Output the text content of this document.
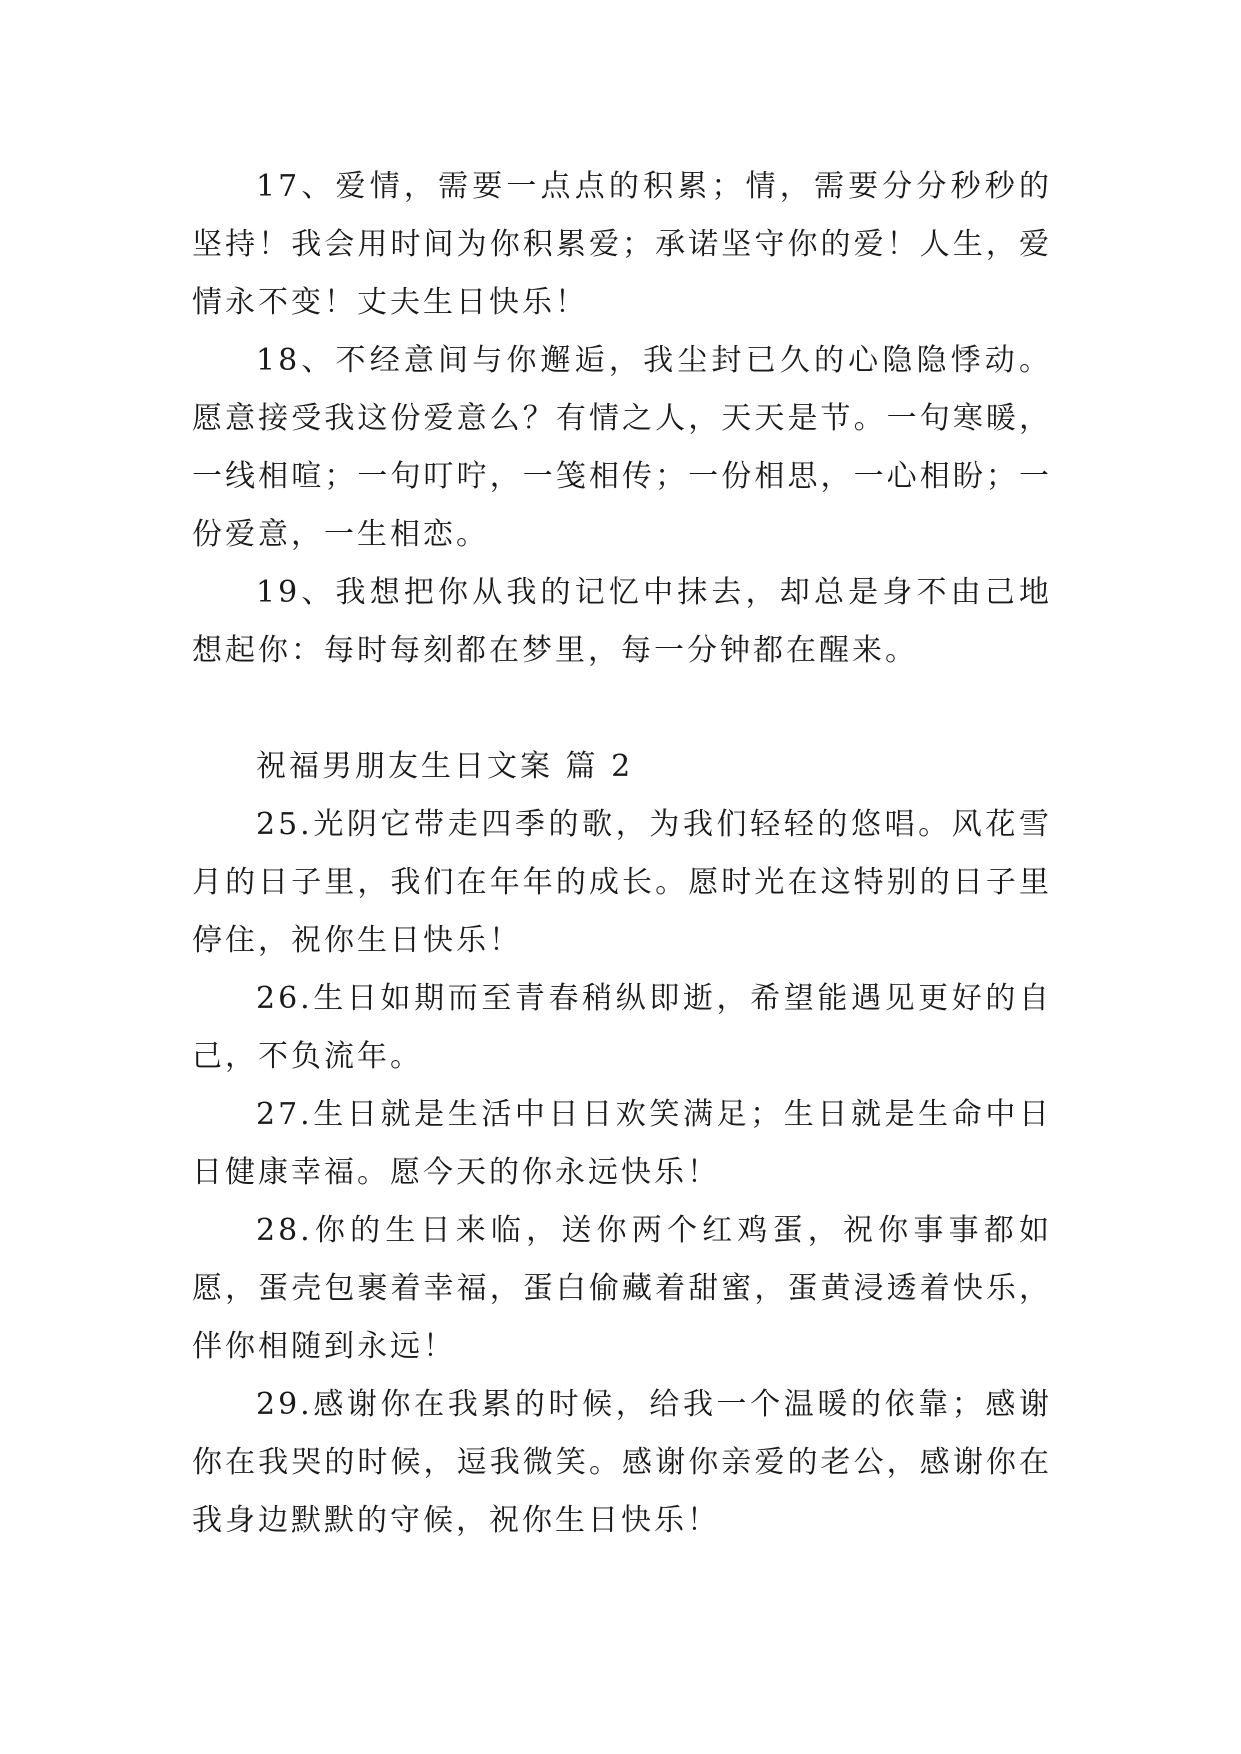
17、爱情，需要一点点的积累；情，需要分分秒秒的坚持！我会用时间为你积累爱；承诺坚守你的爱！人生，爱情永不变！丈夫生日快乐！

18、不经意间与你邂逅，我尘封已久的心隐隐悸动。愿意接受我这份爱意么？有情之人，天天是节。一句寒暖，一线相喧；一句叮咛，一笺相传；一份相思，一心相盼；一份爱意，一生相恋。

19、我想把你从我的记忆中抹去，却总是身不由己地想起你：每时每刻都在梦里，每一分钟都在醒来。

祝福男朋友生日文案 篇 2

25.光阴它带走四季的歌，为我们轻轻的悠唱。风花雪月的日子里，我们在年年的成长。愿时光在这特别的日子里停住，祝你生日快乐！

26.生日如期而至青春稍纵即逝，希望能遇见更好的自己，不负流年。

27.生日就是生活中日日欢笑满足；生日就是生命中日日健康幸福。愿今天的你永远快乐！

28.你的生日来临，送你两个红鸡蛋，祝你事事都如愿，蛋壳包裹着幸福，蛋白偷藏着甜蜜，蛋黄浸透着快乐，伴你相随到永远！

29.感谢你在我累的时候，给我一个温暖的依靠；感谢你在我哭的时候，逗我微笑。感谢你亲爱的老公，感谢你在我身边默默的守候，祝你生日快乐！
